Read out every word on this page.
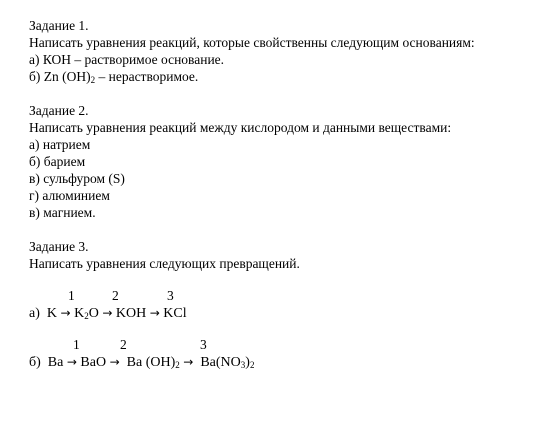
Задание 1.
Написать уравнения реакций, которые свойственны следующим основаниям:
а) КОН – растворимое основание.
б) Zn $(OH)_2$ – нерастворимое.
Задание 2.
Написать уравнения реакций между кислородом и данными веществами:
а) натрием
б) барием
в) сульфуром (S)
г) алюминием
в) магнием.
Задание 3.
Написать уравнения следующих превращений.
1	2	3
а) $K \to K_2O$ → KOH → KCl
1	2	3
б) Ba → BaO → Ba $(OH)_2 \to Ba(NO_3)_2$
